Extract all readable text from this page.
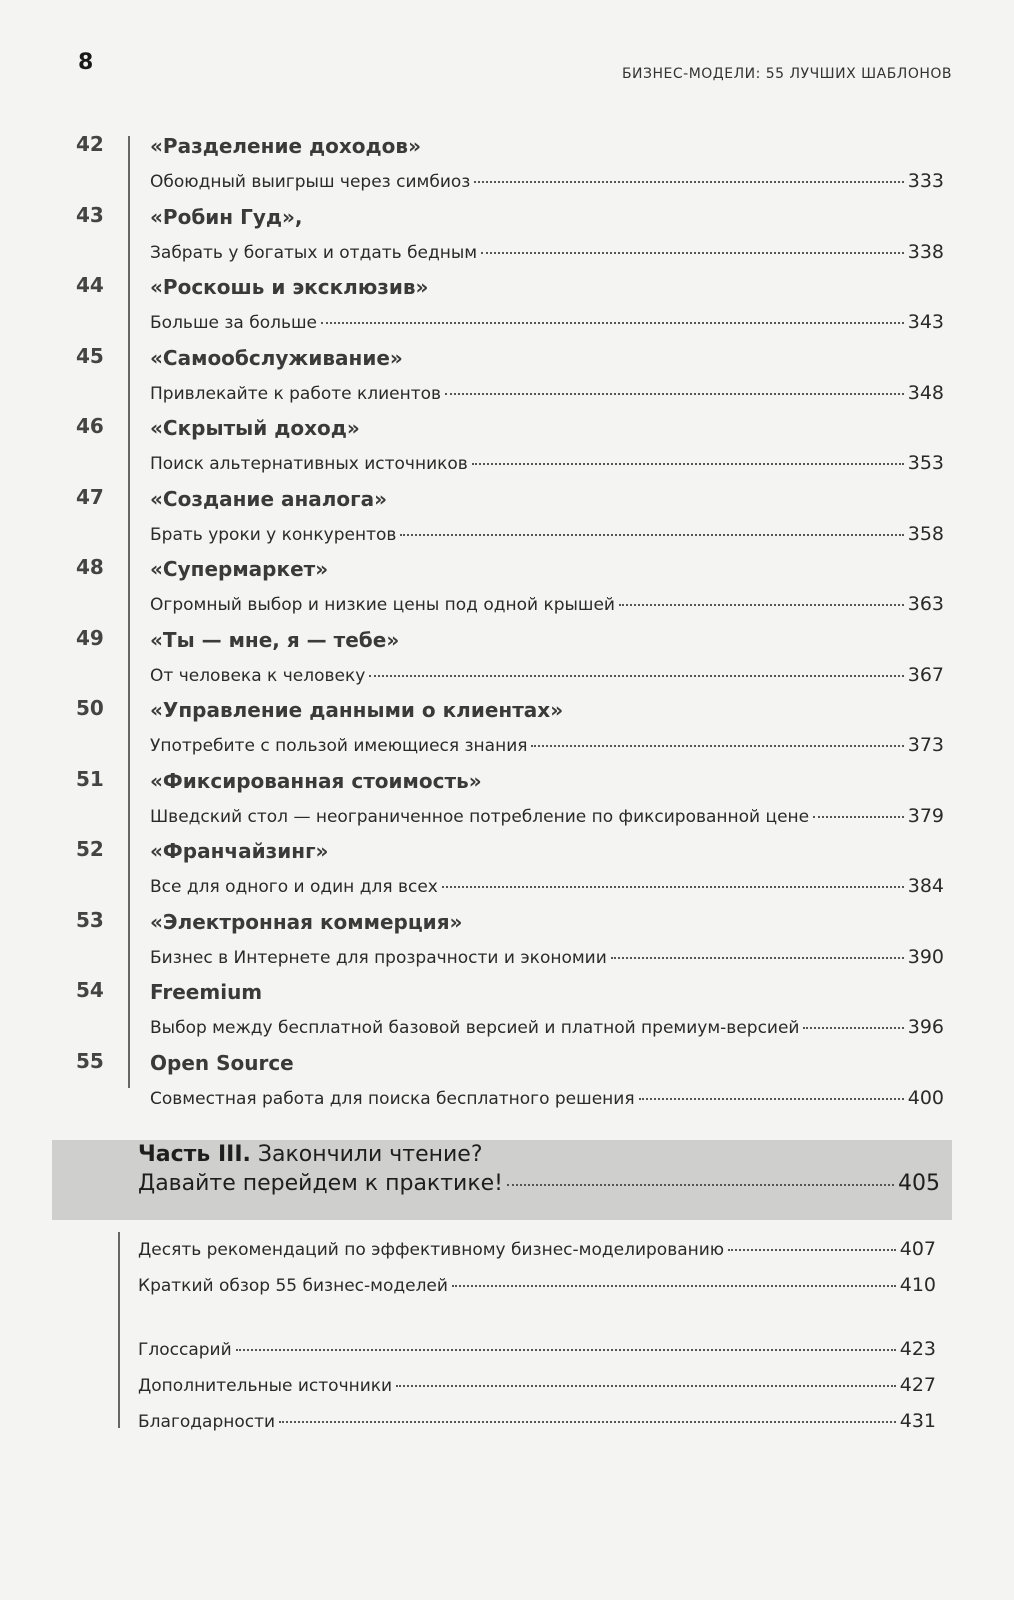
8	БИЗНЕС-МОДЕЛИ: 55 ЛУЧШИХ ШАБЛОНОВ
42	«Разделение доходов»
Обоюдный выигрыш через симбиоз	333
43	«Робин Гуд»,
Забрать у богатых и отдать бедным	338
44	«Роскошь и эксклюзив»
Больше за больше	343
45	«Самообслуживание»
Привлекайте к работе клиентов	348
46	«Скрытый доход»
Поиск альтернативных источников	353
47	«Создание аналога»
Брать уроки у конкурентов	358
48	«Супермаркет»
Огромный выбор и низкие цены под одной крышей	363
49	«Ты — мне, я — тебе»
От человека к человеку	367
50	«Управление данными о клиентах»
Употребите с пользой имеющиеся знания	373
51	«Фиксированная стоимость»
Шведский стол — неограниченное потребление по фиксированной цене	379
52	«Франчайзинг»
Все для одного и один для всех	384
53	«Электронная коммерция»
Бизнес в Интернете для прозрачности и экономии	390
54	Freemium
Выбор между бесплатной базовой версией и платной премиум-версией	396
55	Open Source
Совместная работа для поиска бесплатного решения	400
Часть III. Закончили чтение?
Давайте перейдем к практике!	405
Десять рекомендаций по эффективному бизнес-моделированию	407
Краткий обзор 55 бизнес-моделей	410
Глоссарий	423
Дополнительные источники	427
Благодарности	431
